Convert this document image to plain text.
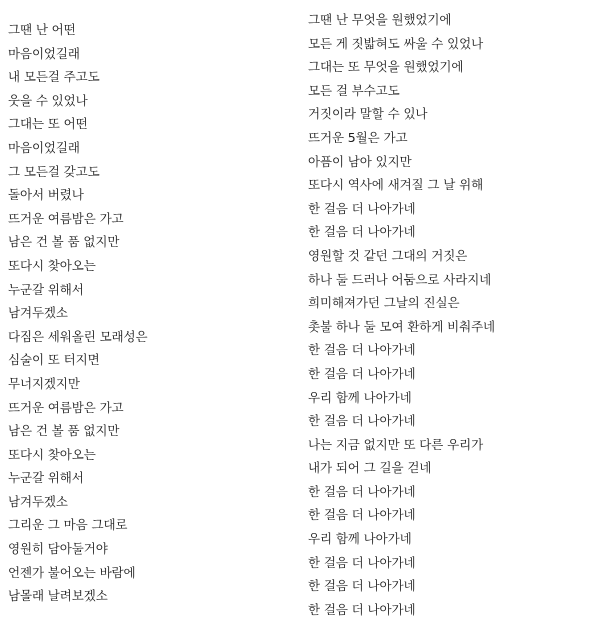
그땐 난 어떤
마음이었길래
내 모든걸 주고도
웃을 수 있었나
그대는 또 어떤
마음이었길래
그 모든걸 갖고도
돌아서 버렸나
뜨거운 여름밤은 가고
남은 건 볼 품 없지만
또다시 찾아오는
누군갈 위해서
남겨두겠소
다짐은 세워올린 모래성은
심술이 또 터지면
무너지겠지만
뜨거운 여름밤은 가고
남은 건 볼 품 없지만
또다시 찾아오는
누군갈 위해서
남겨두겠소
그리운 그 마음 그대로
영원히 담아둘거야
언젠가 불어오는 바람에
남몰래 날려보겠소
그땐 난 무엇을 원했었기에
모든 게 짓밟혀도 싸울 수 있었나
그대는 또 무엇을 원했었기에
모든 걸 부수고도
거짓이라 말할 수 있나
뜨거운 5월은 가고
아픔이 남아 있지만
또다시 역사에 새겨질 그 날 위해
한 걸음 더 나아가네
한 걸음 더 나아가네
영원할 것 같던 그대의 거짓은
하나 둘 드러나 어둠으로 사라지네
희미해져가던 그날의 진실은
촛불 하나 둘 모여 환하게 비춰주네
한 걸음 더 나아가네
한 걸음 더 나아가네
우리 함께 나아가네
한 걸음 더 나아가네
나는 지금 없지만 또 다른 우리가
내가 되어 그 길을 걷네
한 걸음 더 나아가네
한 걸음 더 나아가네
우리 함께 나아가네
한 걸음 더 나아가네
한 걸음 더 나아가네
한 걸음 더 나아가네
